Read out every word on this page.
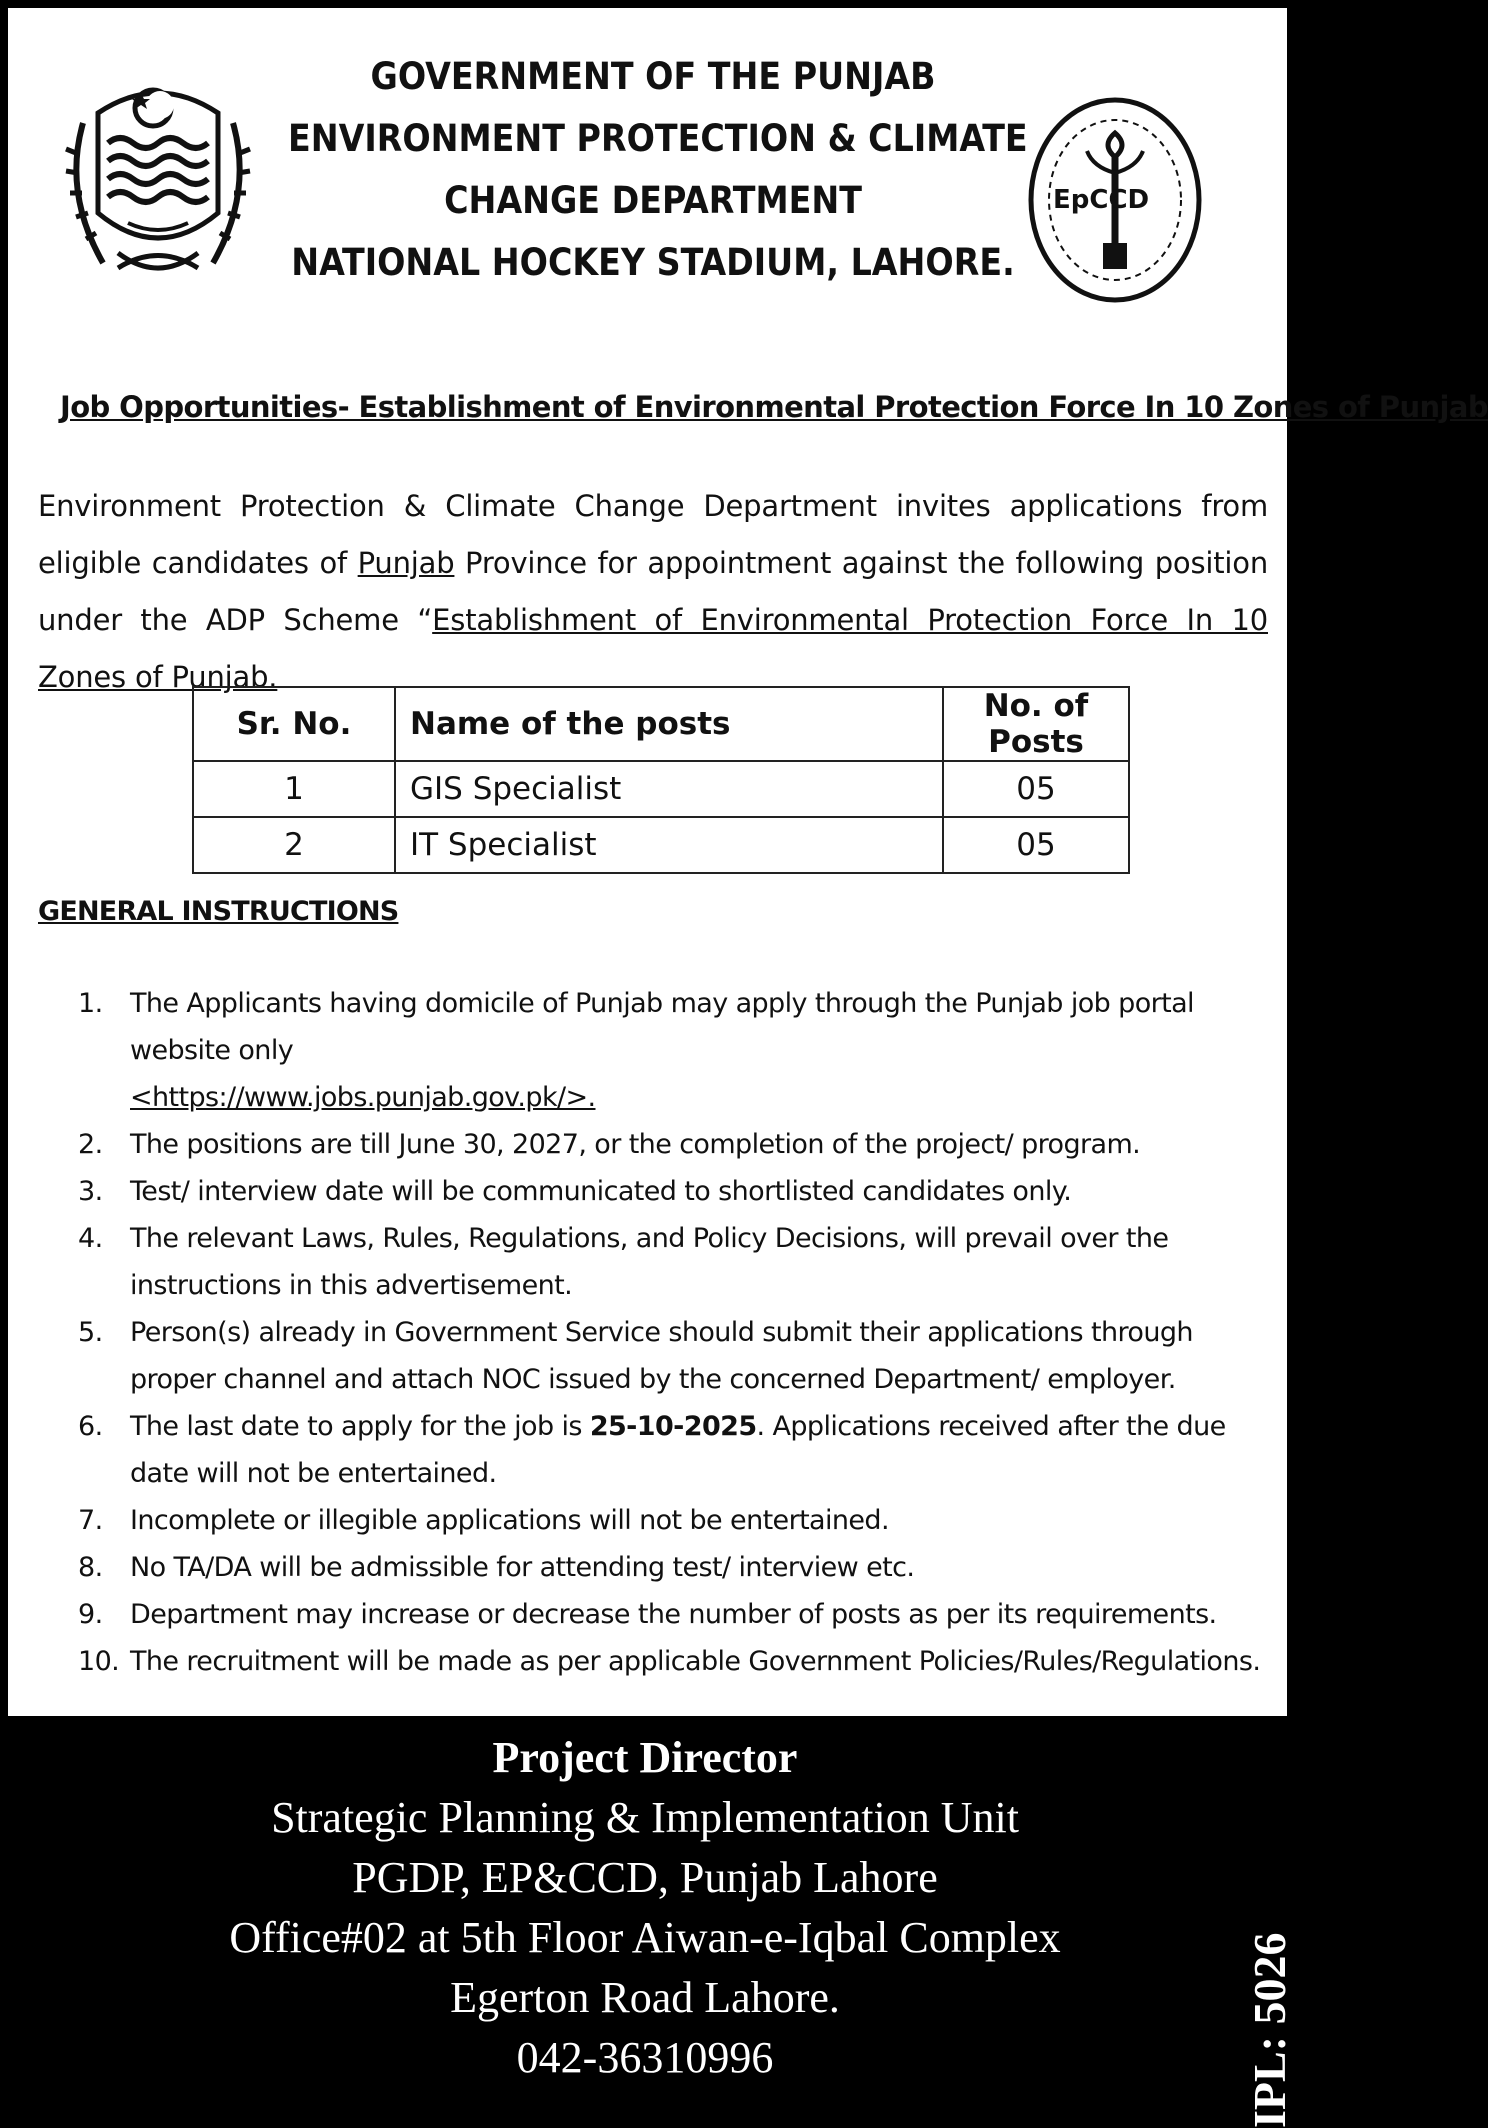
EpCCD
GOVERNMENT OF THE PUNJAB
ENVIRONMENT PROTECTION & CLIMATE
CHANGE DEPARTMENT
NATIONAL HOCKEY STADIUM, LAHORE.
Job Opportunities- Establishment of Environmental Protection Force In 10 Zones of Punjab
Environment Protection & Climate Change Department invites applications from eligible candidates of Punjab Province for appointment against the following position under the ADP Scheme “Establishment of Environmental Protection Force In 10 Zones of Punjab.
Sr. No.	Name of the posts	No. of Posts
1	GIS Specialist	05
2	IT Specialist	05
GENERAL INSTRUCTIONS
1.	The Applicants having domicile of Punjab may apply through the Punjab job portal website only
<https://www.jobs.punjab.gov.pk/>.
2.	The positions are till June 30, 2027, or the completion of the project/ program.
3.	Test/ interview date will be communicated to shortlisted candidates only.
4.	The relevant Laws, Rules, Regulations, and Policy Decisions, will prevail over the instructions in this advertisement.
5.	Person(s) already in Government Service should submit their applications through proper channel and attach NOC issued by the concerned Department/ employer.
6.	The last date to apply for the job is 25-10-2025. Applications received after the due date will not be entertained.
7.	Incomplete or illegible applications will not be entertained.
8.	No TA/DA will be admissible for attending test/ interview etc.
9.	Department may increase or decrease the number of posts as per its requirements.
10. The recruitment will be made as per applicable Government Policies/Rules/Regulations.
Project Director
Strategic Planning & Implementation Unit
PGDP, EP&CCD, Punjab Lahore
Office#02 at 5th Floor Aiwan-e-Iqbal Complex
Egerton Road Lahore.
042-36310996	IPL: 5026
